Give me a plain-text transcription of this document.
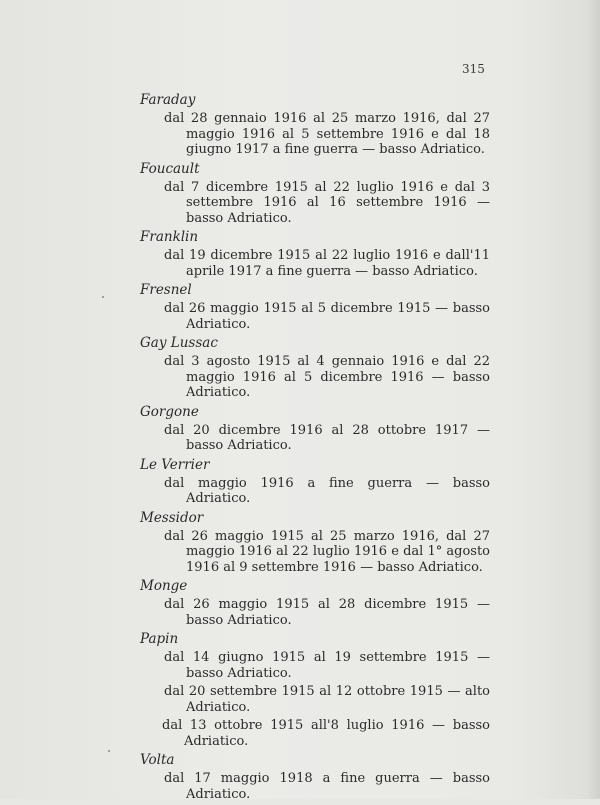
315
Faraday
dal 28 gennaio 1916 al 25 marzo 1916, dal 27 maggio 1916 al 5 settembre 1916 e dal 18 giugno 1917 a fine guerra — basso Adriatico.
Foucault
dal 7 dicembre 1915 al 22 luglio 1916 e dal 3 settembre 1916 al 16 settembre 1916 — basso Adriatico.
Franklin
dal 19 dicembre 1915 al 22 luglio 1916 e dall'11 aprile 1917 a fine guerra — basso Adriatico.
Fresnel
dal 26 maggio 1915 al 5 dicembre 1915 — basso Adriatico.
Gay Lussac
dal 3 agosto 1915 al 4 gennaio 1916 e dal 22 maggio 1916 al 5 dicembre 1916 — basso Adriatico.
Gorgone
dal 20 dicembre 1916 al 28 ottobre 1917 — basso Adriatico.
Le Verrier
dal maggio 1916 a fine guerra — basso Adriatico.
Messidor
dal 26 maggio 1915 al 25 marzo 1916, dal 27 maggio 1916 al 22 luglio 1916 e dal 1° agosto 1916 al 9 settembre 1916 — basso Adriatico.
Monge
dal 26 maggio 1915 al 28 dicembre 1915 — basso Adriatico.
Papin
dal 14 giugno 1915 al 19 settembre 1915 — basso Adriatico.
dal 20 settembre 1915 al 12 ottobre 1915 — alto Adriatico.
dal 13 ottobre 1915 all'8 luglio 1916 — basso Adriatico.
Volta
dal 17 maggio 1918 a fine guerra — basso Adriatico.
